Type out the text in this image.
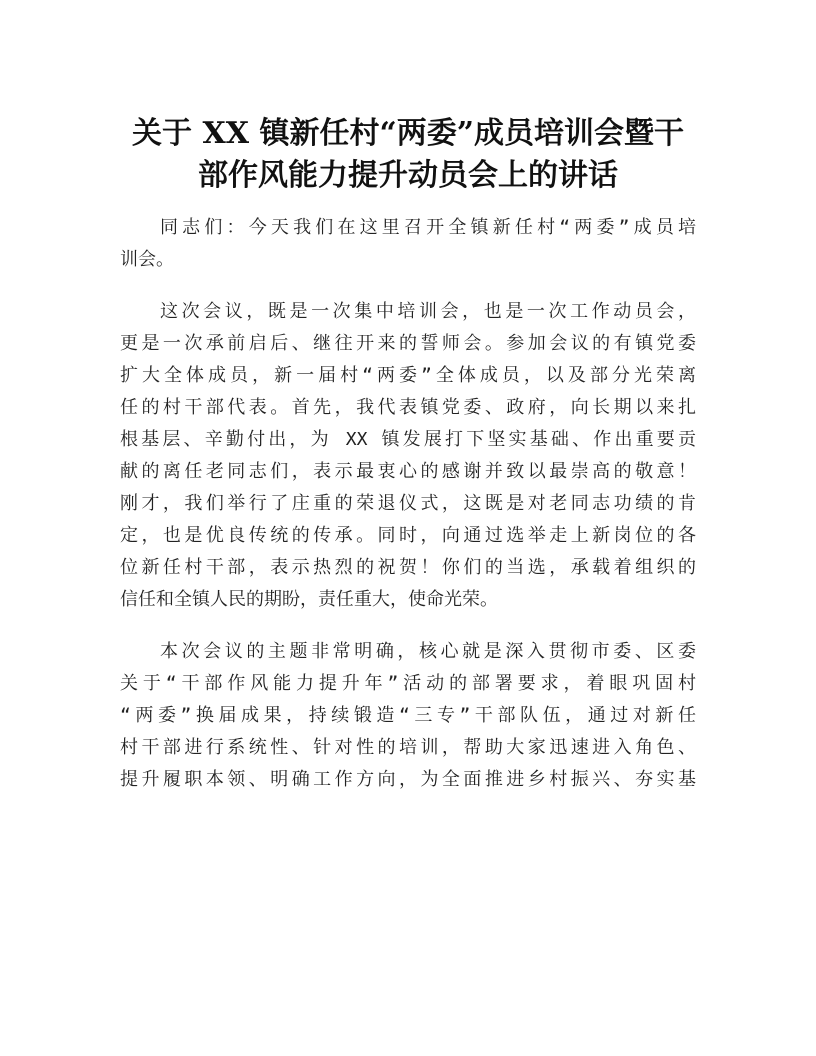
关于 XX 镇新任村“两委”成员培训会暨干
部作风能力提升动员会上的讲话

同志们：今天我们在这里召开全镇新任村“两委”成员培
训会。

这次会议，既是一次集中培训会，也是一次工作动员会，
更是一次承前启后、继往开来的誓师会。参加会议的有镇党委
扩大全体成员，新一届村“两委”全体成员，以及部分光荣离
任的村干部代表。首先，我代表镇党委、政府，向长期以来扎
根基层、辛勤付出，为 XX 镇发展打下坚实基础、作出重要贡
献的离任老同志们，表示最衷心的感谢并致以最崇高的敬意！
刚才，我们举行了庄重的荣退仪式，这既是对老同志功绩的肯
定，也是优良传统的传承。同时，向通过选举走上新岗位的各
位新任村干部，表示热烈的祝贺！你们的当选，承载着组织的
信任和全镇人民的期盼，责任重大，使命光荣。

本次会议的主题非常明确，核心就是深入贯彻市委、区委
关于“干部作风能力提升年”活动的部署要求，着眼巩固村
“两委”换届成果，持续锻造“三专”干部队伍，通过对新任
村干部进行系统性、针对性的培训，帮助大家迅速进入角色、
提升履职本领、明确工作方向，为全面推进乡村振兴、夯实基
